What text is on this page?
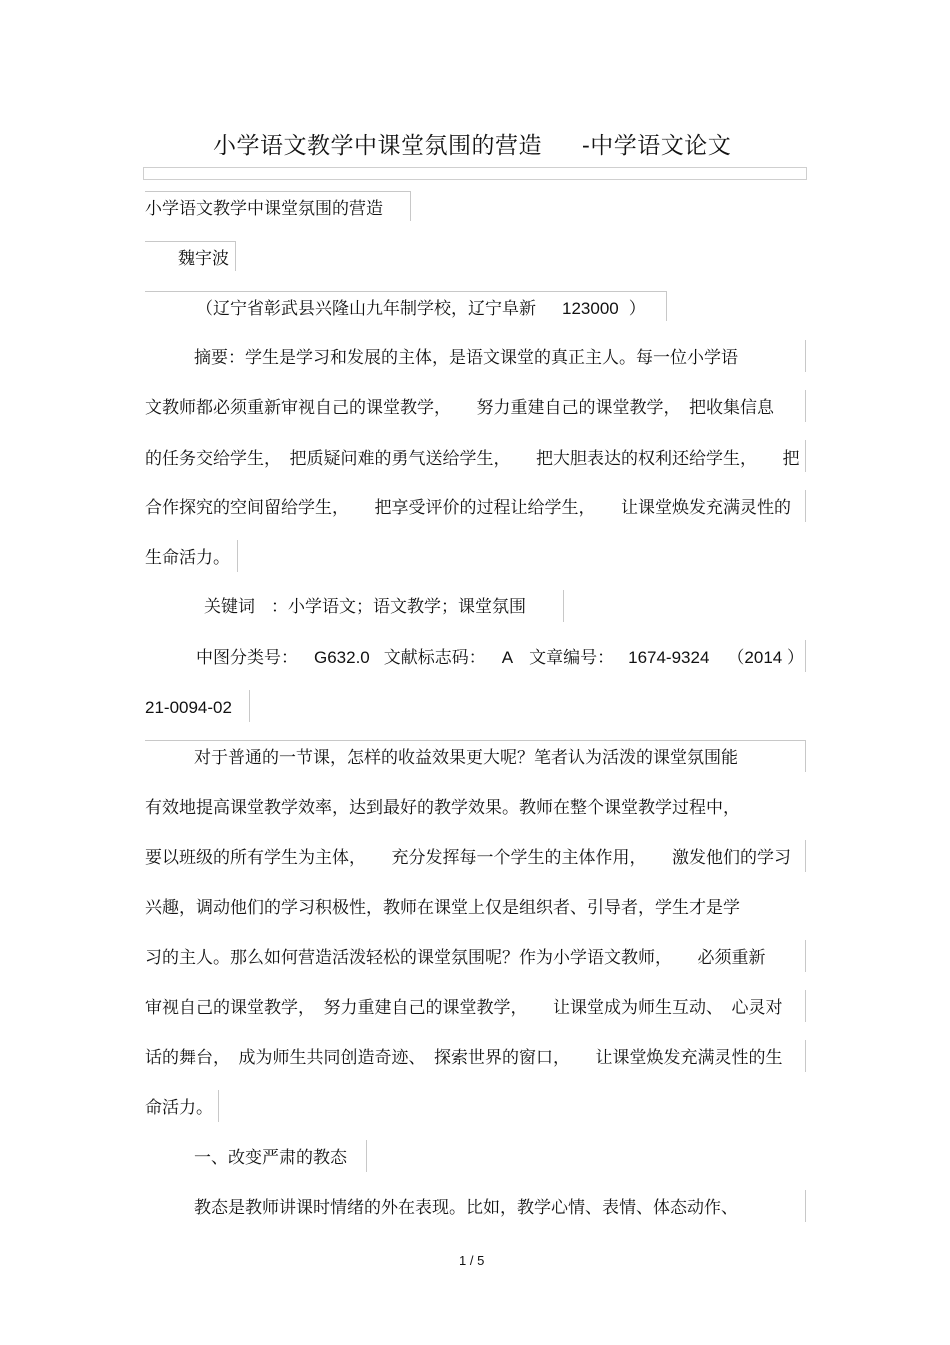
小学语文教学中课堂氛围的营造 -中学语文论文
小学语文教学中课堂氛围的营造
魏宇波
（辽宁省彰武县兴隆山九年制学校，辽宁阜新 123000 ）
摘要：学生是学习和发展的主体，是语文课堂的真正主人。每一位小学语
文教师都必须重新审视自己的课堂教学，　　努力重建自己的课堂教学，　把收集信息
的任务交给学生，　把质疑问难的勇气送给学生，　　把大胆表达的权利还给学生，　　把
合作探究的空间留给学生，　　把享受评价的过程让给学生，　　让课堂焕发充满灵性的
生命活力。
关键词 ：小学语文；语文教学；课堂氛围
中图分类号： G632.0 文献标志码： A 文章编号： 1674-9324 （2014 ）
21-0094-02
对于普通的一节课，怎样的收益效果更大呢？笔者认为活泼的课堂氛围能
有效地提高课堂教学效率，达到最好的教学效果。教师在整个课堂教学过程中，
要以班级的所有学生为主体，　　充分发挥每一个学生的主体作用，　　激发他们的学习
兴趣，调动他们的学习积极性，教师在课堂上仅是组织者、引导者，学生才是学
习的主人。那么如何营造活泼轻松的课堂氛围呢？作为小学语文教师，　　必须重新
审视自己的课堂教学，　努力重建自己的课堂教学，　　让课堂成为师生互动、　心灵对
话的舞台，　成为师生共同创造奇迹、　探索世界的窗口，　　让课堂焕发充满灵性的生
命活力。
一、改变严肃的教态
教态是教师讲课时情绪的外在表现。比如，教学心情、表情、体态动作、
1 / 5
